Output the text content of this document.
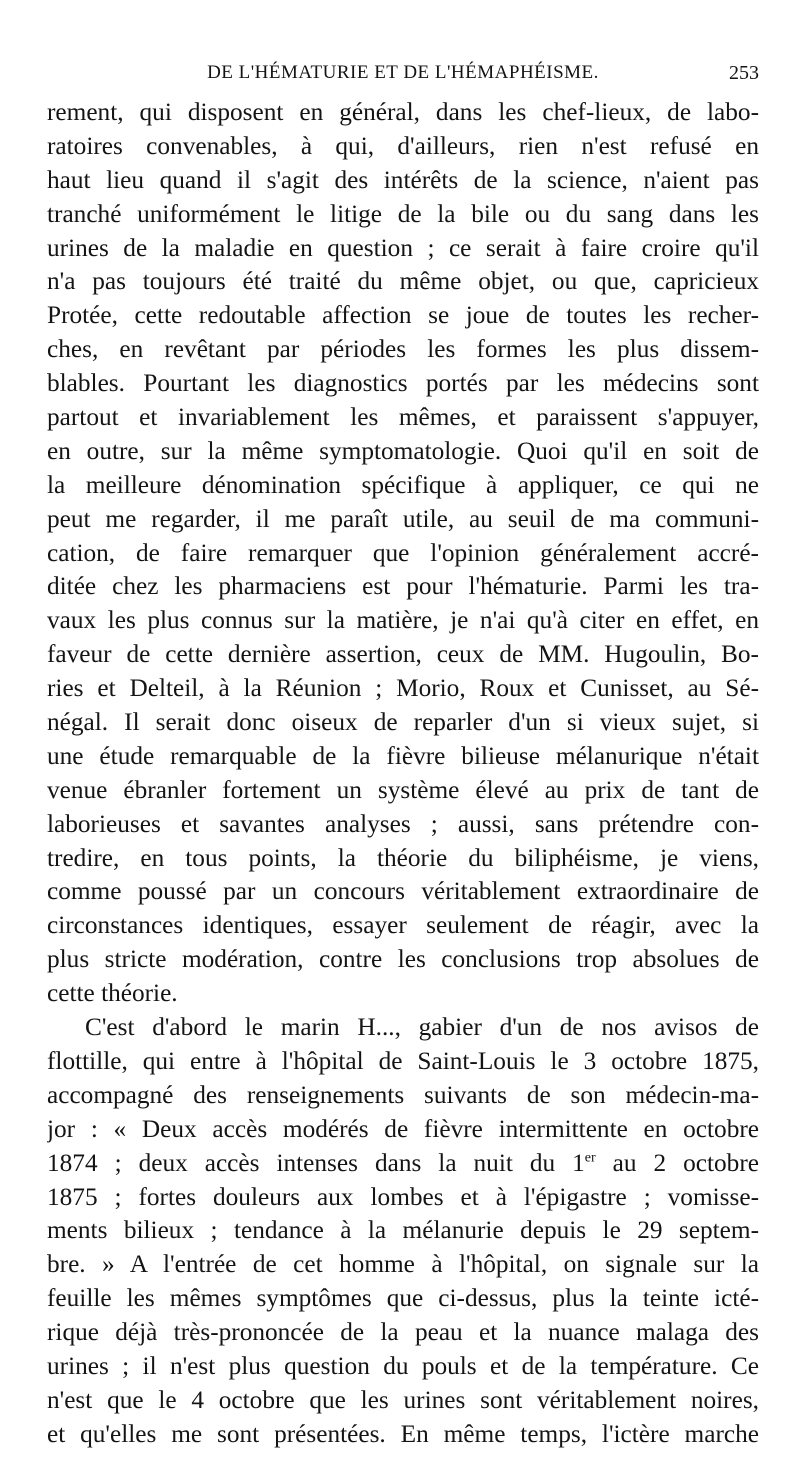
DE L'HÉMATURIE ET DE L'HÉMAPHÉISME.	253
rement, qui disposent en général, dans les chef-lieux, de labo-
ratoires convenables, à qui, d'ailleurs, rien n'est refusé en
haut lieu quand il s'agit des intérêts de la science, n'aient pas
tranché uniformément le litige de la bile ou du sang dans les
urines de la maladie en question ; ce serait à faire croire qu'il
n'a pas toujours été traité du même objet, ou que, capricieux
Protée, cette redoutable affection se joue de toutes les recher-
ches, en revêtant par périodes les formes les plus dissem-
blables. Pourtant les diagnostics portés par les médecins sont
partout et invariablement les mêmes, et paraissent s'appuyer,
en outre, sur la même symptomatologie. Quoi qu'il en soit de
la meilleure dénomination spécifique à appliquer, ce qui ne
peut me regarder, il me paraît utile, au seuil de ma communi-
cation, de faire remarquer que l'opinion généralement accré-
ditée chez les pharmaciens est pour l'hématurie. Parmi les tra-
vaux les plus connus sur la matière, je n'ai qu'à citer en effet, en
faveur de cette dernière assertion, ceux de MM. Hugoulin, Bo-
ries et Delteil, à la Réunion ; Morio, Roux et Cunisset, au Sé-
négal. Il serait donc oiseux de reparler d'un si vieux sujet, si
une étude remarquable de la fièvre bilieuse mélanurique n'était
venue ébranler fortement un système élevé au prix de tant de
laborieuses et savantes analyses ; aussi, sans prétendre con-
tredire, en tous points, la théorie du biliphéisme, je viens,
comme poussé par un concours véritablement extraordinaire de
circonstances identiques, essayer seulement de réagir, avec la
plus stricte modération, contre les conclusions trop absolues de
cette théorie.
C'est d'abord le marin H..., gabier d'un de nos avisos de
flottille, qui entre à l'hôpital de Saint-Louis le 3 octobre 1875,
accompagné des renseignements suivants de son médecin-ma-
jor : « Deux accès modérés de fièvre intermittente en octobre
1874 ; deux accès intenses dans la nuit du 1er au 2 octobre
1875 ; fortes douleurs aux lombes et à l'épigastre ; vomisse-
ments bilieux ; tendance à la mélanurie depuis le 29 septem-
bre. » A l'entrée de cet homme à l'hôpital, on signale sur la
feuille les mêmes symptômes que ci-dessus, plus la teinte icté-
rique déjà très-prononcée de la peau et la nuance malaga des
urines ; il n'est plus question du pouls et de la température. Ce
n'est que le 4 octobre que les urines sont véritablement noires,
et qu'elles me sont présentées. En même temps, l'ictère marche
